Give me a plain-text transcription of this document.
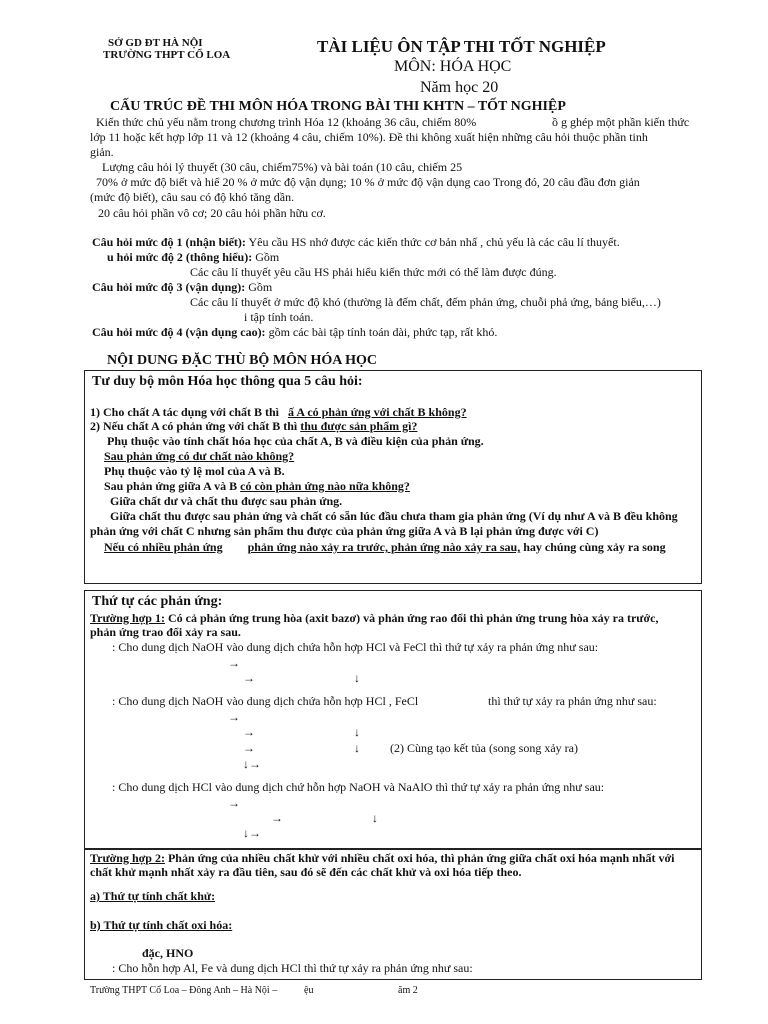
SỞ GD ĐT HÀ NỘI
TRƯỜNG THPT CỔ LOA	TÀI LIỆU ÔN TẬP THI TỐT NGHIỆP
MÔN: HÓA HỌC
Năm học 20
CẤU TRÚC ĐỀ THI MÔN HÓA TRONG BÀI THI KHTN – TỐT NGHIỆP
Kiến thức chủ yếu nằm trong chương trình Hóa 12 (khoảng 36 câu, chiếm 80%	ồ g ghép một phần kiến thức
lớp 11 hoặc kết hợp lớp 11 và 12 (khoảng 4 câu, chiếm 10%). Đề thi không xuất hiện những câu hỏi thuộc phần tinh
giản.
Lượng câu hỏi lý thuyết (30 câu, chiếm75%) và bài toán (10 câu, chiếm 25
70% ở mức độ biết và hiể 20 % ở mức độ vận dụng; 10 % ở mức độ vận dụng cao Trong đó, 20 câu đầu đơn giản
(mức độ biết), câu sau có độ khó tăng dần.
20 câu hỏi phần vô cơ; 20 câu hỏi phần hữu cơ.
Câu hỏi mức độ 1 (nhận biết): Yêu cầu HS nhớ được các kiến thức cơ bản nhấ , chủ yếu là các câu lí thuyết.
u hỏi mức độ 2 (thông hiểu): Gồm
Các câu lí thuyết yêu cầu HS phải hiểu kiến thức mới có thể làm được đúng.
Câu hỏi mức độ 3 (vận dụng): Gồm
Các câu lí thuyết ở mức độ khó (thường là đếm chất, đếm phản ứng, chuỗi phả ứng, bảng biểu,…)
i tập tính toán.
Câu hỏi mức độ 4 (vận dụng cao): gồm các bài tập tính toán dài, phức tạp, rất khó.
NỘI DUNG ĐẶC THÙ BỘ MÔN HÓA HỌC
Tư duy bộ môn Hóa học thông qua 5 câu hỏi:
1) Cho chất A tác dụng với chất B thì ấ A có phản ứng với chất B không?
2) Nếu chất A có phản ứng với chất B thì thu được sản phẩm gì?
Phụ thuộc vào tính chất hóa học của chất A, B và điều kiện của phản ứng.
Sau phản ứng có dư chất nào không?
Phụ thuộc vào tỷ lệ mol của A và B.
Sau phản ứng giữa A và B có còn phản ứng nào nữa không?
Giữa chất dư và chất thu được sau phản ứng.
Giữa chất thu được sau phản ứng và chất có sẵn lúc đầu chưa tham gia phản ứng (Ví dụ như A và B đều không
phản ứng với chất C nhưng sản phẩm thu được của phản ứng giữa A và B lại phản ứng được với C)
Nếu có nhiều phản ứng phản ứng nào xảy ra trước, phản ứng nào xảy ra sau, hay chúng cùng xảy ra song
Thứ tự các phản ứng:
Trường hợp 1: Có cả phản ứng trung hòa (axit bazơ) và phản ứng rao đổi thì phản ứng trung hòa xảy ra trước,
phản ứng trao đổi xảy ra sau.
: Cho dung dịch NaOH vào dung dịch chứa hỗn hợp HCl và FeCl thì thứ tự xảy ra phản ứng như sau:
→
→	↓
: Cho dung dịch NaOH vào dung dịch chứa hỗn hợp HCl , FeCl	thì thứ tự xảy ra phản ứng như sau:
→
→	↓
→	↓	(2) Cùng tạo kết tủa (song song xảy ra)
↓→
: Cho dung dịch HCl vào dung dịch chứ hỗn hợp NaOH và NaAlO thì thứ tự xảy ra phản ứng như sau:
→
→	↓
↓→
Trường hợp 2: Phản ứng của nhiều chất khử với nhiều chất oxi hóa, thì phản ứng giữa chất oxi hóa mạnh nhất với
chất khử mạnh nhất xảy ra đầu tiên, sau đó sẽ đến các chất khử và oxi hóa tiếp theo.
a) Thứ tự tính chất khử:
b) Thứ tự tính chất oxi hóa:
đặc, HNO
: Cho hỗn hợp Al, Fe và dung dịch HCl thì thứ tự xảy ra phản ứng như sau:
Trường THPT Cổ Loa – Đông Anh – Hà Nội –	ệu	ăm 2
